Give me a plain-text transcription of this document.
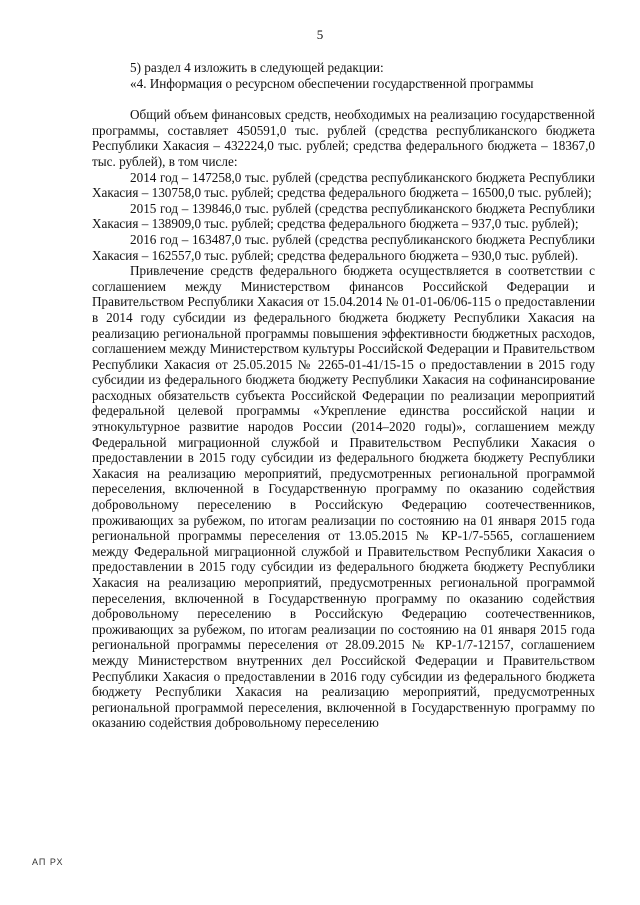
5

5) раздел 4 изложить в следующей редакции:

«4. Информация о ресурсном обеспечении государственной программы

Общий объем финансовых средств, необходимых на реализацию государственной программы, составляет 450591,0 тыс. рублей (средства республиканского бюджета Республики Хакасия – 432224,0 тыс. рублей; средства федерального бюджета – 18367,0 тыс. рублей), в том числе:

2014 год – 147258,0 тыс. рублей (средства республиканского бюджета Республики Хакасия – 130758,0 тыс. рублей; средства федерального бюджета – 16500,0 тыс. рублей);

2015 год – 139846,0 тыс. рублей (средства республиканского бюджета Республики Хакасия – 138909,0 тыс. рублей; средства федерального бюджета – 937,0 тыс. рублей);

2016 год – 163487,0 тыс. рублей (средства республиканского бюджета Республики Хакасия – 162557,0 тыс. рублей; средства федерального бюджета – 930,0 тыс. рублей).

Привлечение средств федерального бюджета осуществляется в соответствии с соглашением между Министерством финансов Российской Федерации и Правительством Республики Хакасия от 15.04.2014 № 01-01-06/06-115 о предоставлении в 2014 году субсидии из федерального бюджета бюджету Республики Хакасия на реализацию региональной программы повышения эффективности бюджетных расходов, соглашением между Министерством культуры Российской Федерации и Правительством Республики Хакасия от 25.05.2015 № 2265-01-41/15-15 о предоставлении в 2015 году субсидии из федерального бюджета бюджету Республики Хакасия на софинансирование расходных обязательств субъекта Российской Федерации по реализации мероприятий федеральной целевой программы «Укрепление единства российской нации и этнокультурное развитие народов России (2014–2020 годы)», соглашением между Федеральной миграционной службой и Правительством Республики Хакасия о предоставлении в 2015 году субсидии из федерального бюджета бюджету Республики Хакасия на реализацию мероприятий, предусмотренных региональной программой переселения, включенной в Государственную программу по оказанию содействия добровольному переселению в Российскую Федерацию соотечественников, проживающих за рубежом, по итогам реализации по состоянию на 01 января 2015 года региональной программы переселения от 13.05.2015 № КР-1/7-5565, соглашением между Федеральной миграционной службой и Правительством Республики Хакасия о предоставлении в 2015 году субсидии из федерального бюджета бюджету Республики Хакасия на реализацию мероприятий, предусмотренных региональной программой переселения, включенной в Государственную программу по оказанию содействия добровольному переселению в Российскую Федерацию соотечественников, проживающих за рубежом, по итогам реализации по состоянию на 01 января 2015 года региональной программы переселения от 28.09.2015 № КР-1/7-12157, соглашением между Министерством внутренних дел Российской Федерации и Правительством Республики Хакасия о предоставлении в 2016 году субсидии из федерального бюджета бюджету Республики Хакасия на реализацию мероприятий, предусмотренных региональной программой переселения, включенной в Государственную программу по оказанию содействия добровольному переселению

АП РХ
